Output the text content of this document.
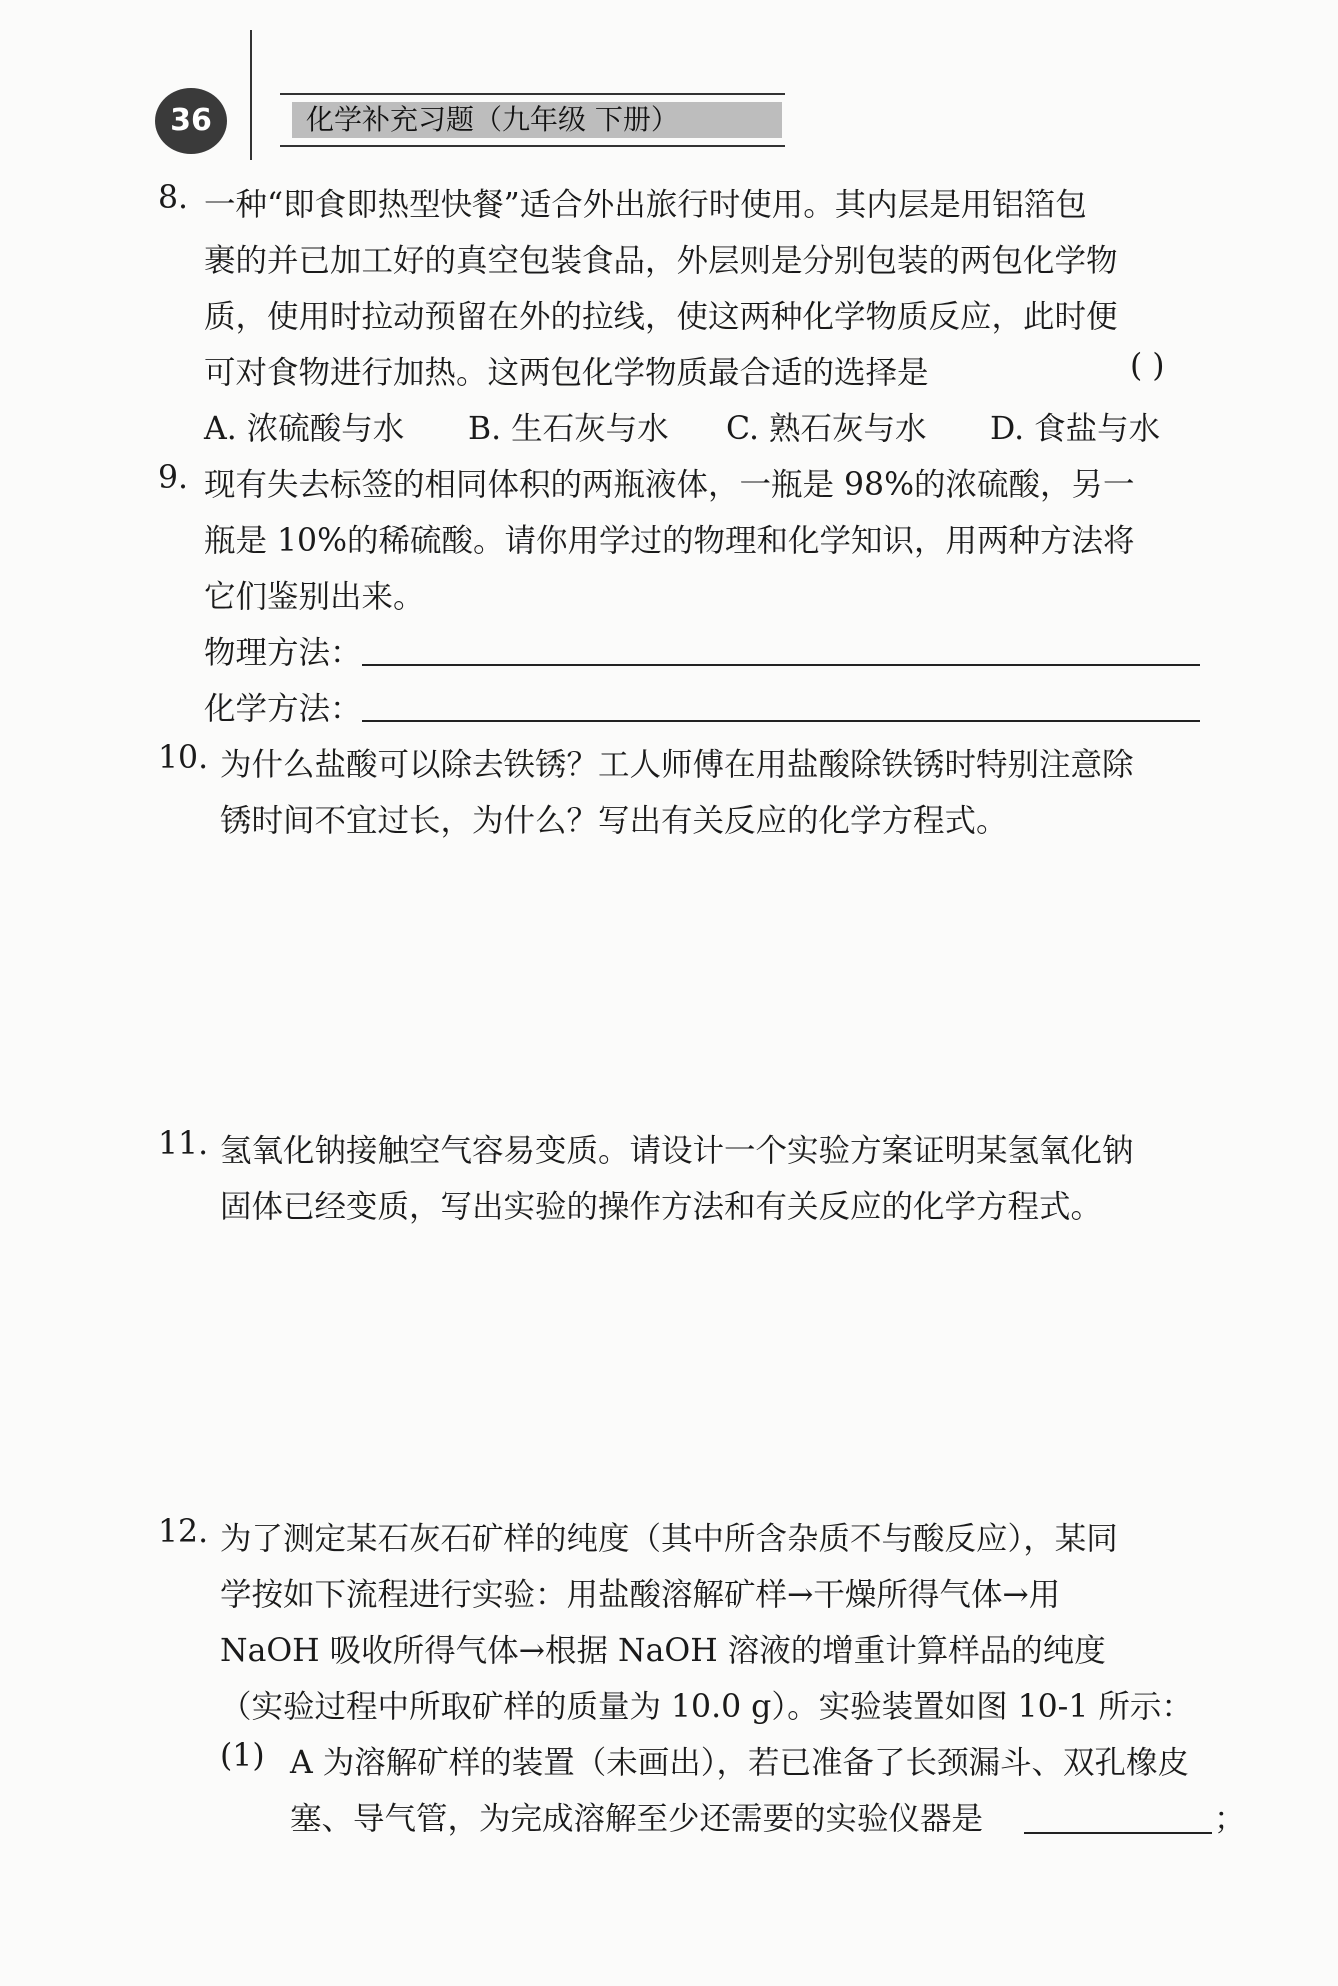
36	化学补充习题（九年级 下册）
8. 一种“即食即热型快餐”适合外出旅行时使用。其内层是用铝箔包
裹的并已加工好的真空包装食品，外层则是分别包装的两包化学物
质，使用时拉动预留在外的拉线，使这两种化学物质反应，此时便
可对食物进行加热。这两包化学物质最合适的选择是	( )
A. 浓硫酸与水 B. 生石灰与水 C. 熟石灰与水 D. 食盐与水
9. 现有失去标签的相同体积的两瓶液体，一瓶是 98%的浓硫酸，另一
瓶是 10%的稀硫酸。请你用学过的物理和化学知识，用两种方法将
它们鉴别出来。
物理方法：
化学方法：
10. 为什么盐酸可以除去铁锈？工人师傅在用盐酸除铁锈时特别注意除
锈时间不宜过长，为什么？写出有关反应的化学方程式。
11. 氢氧化钠接触空气容易变质。请设计一个实验方案证明某氢氧化钠
固体已经变质，写出实验的操作方法和有关反应的化学方程式。
12. 为了测定某石灰石矿样的纯度（其中所含杂质不与酸反应），某同
学按如下流程进行实验：用盐酸溶解矿样→干燥所得气体→用
NaOH 吸收所得气体→根据 NaOH 溶液的增重计算样品的纯度
（实验过程中所取矿样的质量为 10.0 g）。实验装置如图 10-1 所示：
(1) A 为溶解矿样的装置（未画出），若已准备了长颈漏斗、双孔橡皮
塞、导气管，为完成溶解至少还需要的实验仪器是	；
